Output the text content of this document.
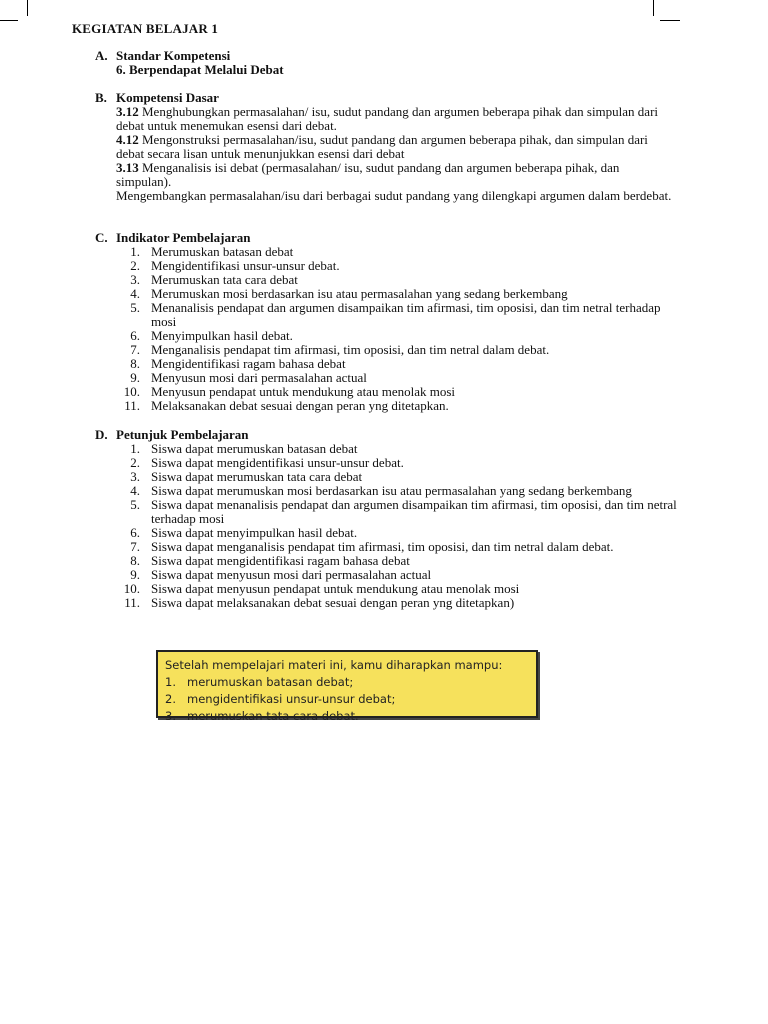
KEGIATAN BELAJAR 1
A. Standar Kompetensi
6. Berpendapat Melalui Debat
B. Kompetensi Dasar
3.12 Menghubungkan permasalahan/ isu, sudut pandang dan argumen beberapa pihak dan simpulan dari debat untuk menemukan esensi dari debat.
4.12 Mengonstruksi permasalahan/isu, sudut pandang dan argumen beberapa pihak, dan simpulan dari debat secara lisan untuk menunjukkan esensi dari debat
3.13 Menganalisis isi debat (permasalahan/ isu, sudut pandang dan argumen beberapa pihak, dan simpulan).
Mengembangkan permasalahan/isu dari berbagai sudut pandang yang dilengkapi argumen dalam berdebat.
C. Indikator Pembelajaran
1. Merumuskan batasan debat
2. Mengidentifikasi unsur-unsur debat.
3. Merumuskan tata cara debat
4. Merumuskan mosi berdasarkan isu atau permasalahan yang sedang berkembang
5. Menanalisis pendapat dan argumen disampaikan tim afirmasi, tim oposisi, dan tim netral terhadap mosi
6. Menyimpulkan hasil debat.
7. Menganalisis pendapat tim afirmasi, tim oposisi, dan tim netral dalam debat.
8. Mengidentifikasi ragam bahasa debat
9. Menyusun mosi dari permasalahan actual
10. Menyusun pendapat untuk mendukung atau menolak mosi
11. Melaksanakan debat sesuai dengan peran yng ditetapkan.
D. Petunjuk Pembelajaran
1. Siswa dapat merumuskan batasan debat
2. Siswa dapat mengidentifikasi unsur-unsur debat.
3. Siswa dapat merumuskan tata cara debat
4. Siswa dapat merumuskan mosi berdasarkan isu atau permasalahan yang sedang berkembang
5. Siswa dapat menanalisis pendapat dan argumen disampaikan tim afirmasi, tim oposisi, dan tim netral terhadap mosi
6. Siswa dapat menyimpulkan hasil debat.
7. Siswa dapat menganalisis pendapat tim afirmasi, tim oposisi, dan tim netral dalam debat.
8. Siswa dapat mengidentifikasi ragam bahasa debat
9. Siswa dapat menyusun mosi dari permasalahan actual
10. Siswa dapat menyusun pendapat untuk mendukung atau menolak mosi
11. Siswa dapat melaksanakan debat sesuai dengan peran yng ditetapkan)
Setelah mempelajari materi ini, kamu diharapkan mampu:
1. merumuskan batasan debat;
2. mengidentifikasi unsur-unsur debat;
3. merumuskan tata cara debat.
